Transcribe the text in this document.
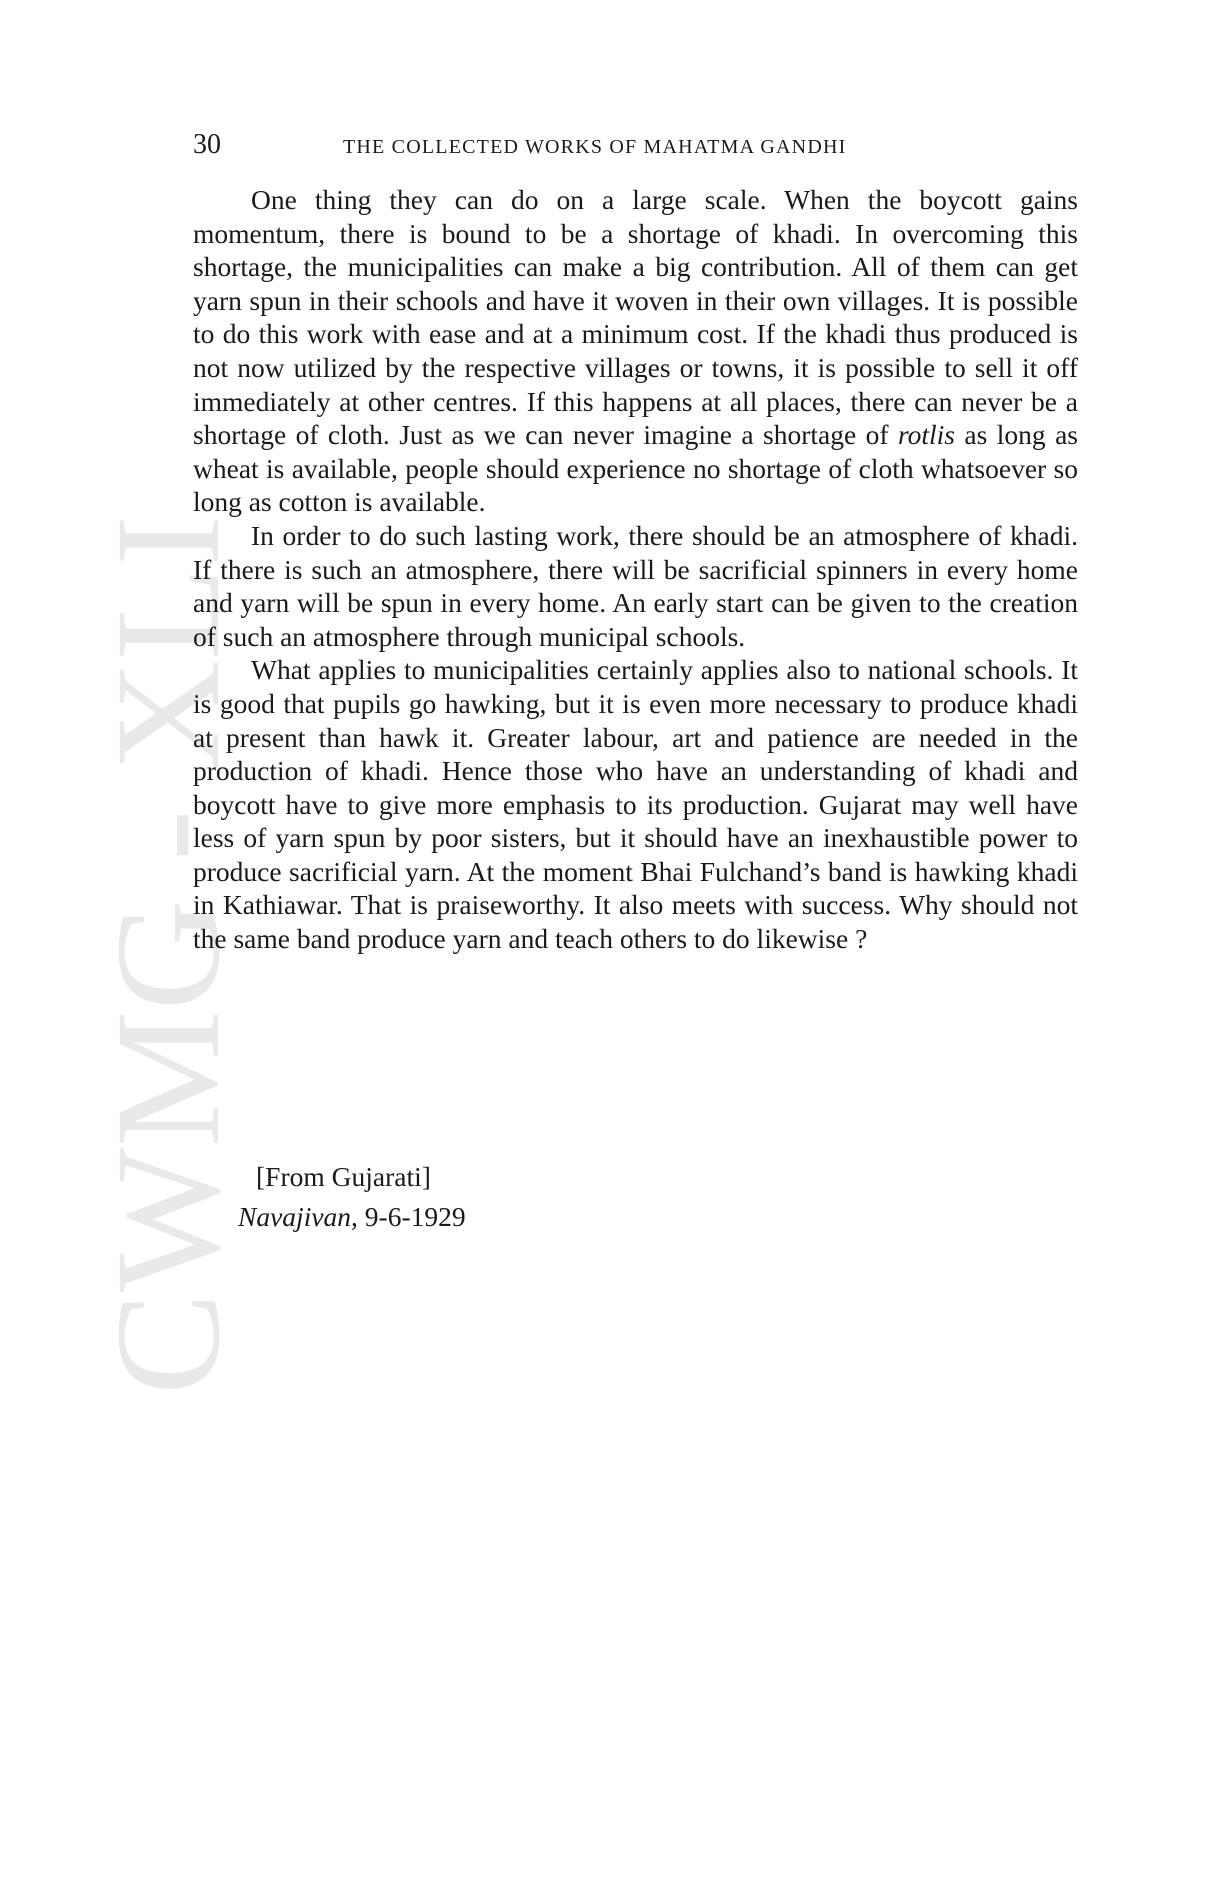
CWMG - XLI
30	THE COLLECTED WORKS OF MAHATMA GANDHI

One thing they can do on a large scale. When the boycott gains momentum, there is bound to be a shortage of khadi. In overcoming this shortage, the municipalities can make a big contribution. All of them can get yarn spun in their schools and have it woven in their own villages. It is possible to do this work with ease and at a minimum cost. If the khadi thus produced is not now utilized by the respective villages or towns, it is possible to sell it off immediately at other centres. If this happens at all places, there can never be a shortage of cloth. Just as we can never imagine a shortage of rotlis as long as wheat is available, people should experience no shortage of cloth whatsoever so long as cotton is available.

In order to do such lasting work, there should be an atmosphere of khadi. If there is such an atmosphere, there will be sacrificial spinners in every home and yarn will be spun in every home. An early start can be given to the creation of such an atmosphere through municipal schools.

What applies to municipalities certainly applies also to national schools. It is good that pupils go hawking, but it is even more necessary to produce khadi at present than hawk it. Greater labour, art and patience are needed in the production of khadi. Hence those who have an understanding of khadi and boycott have to give more emphasis to its production. Gujarat may well have less of yarn spun by poor sisters, but it should have an inexhaustible power to produce sacrificial yarn. At the moment Bhai Fulchand’s band is hawking khadi in Kathiawar. That is praiseworthy. It also meets with success. Why should not the same band produce yarn and teach others to do likewise ?

[From Gujarati]
Navajivan, 9-6-1929
